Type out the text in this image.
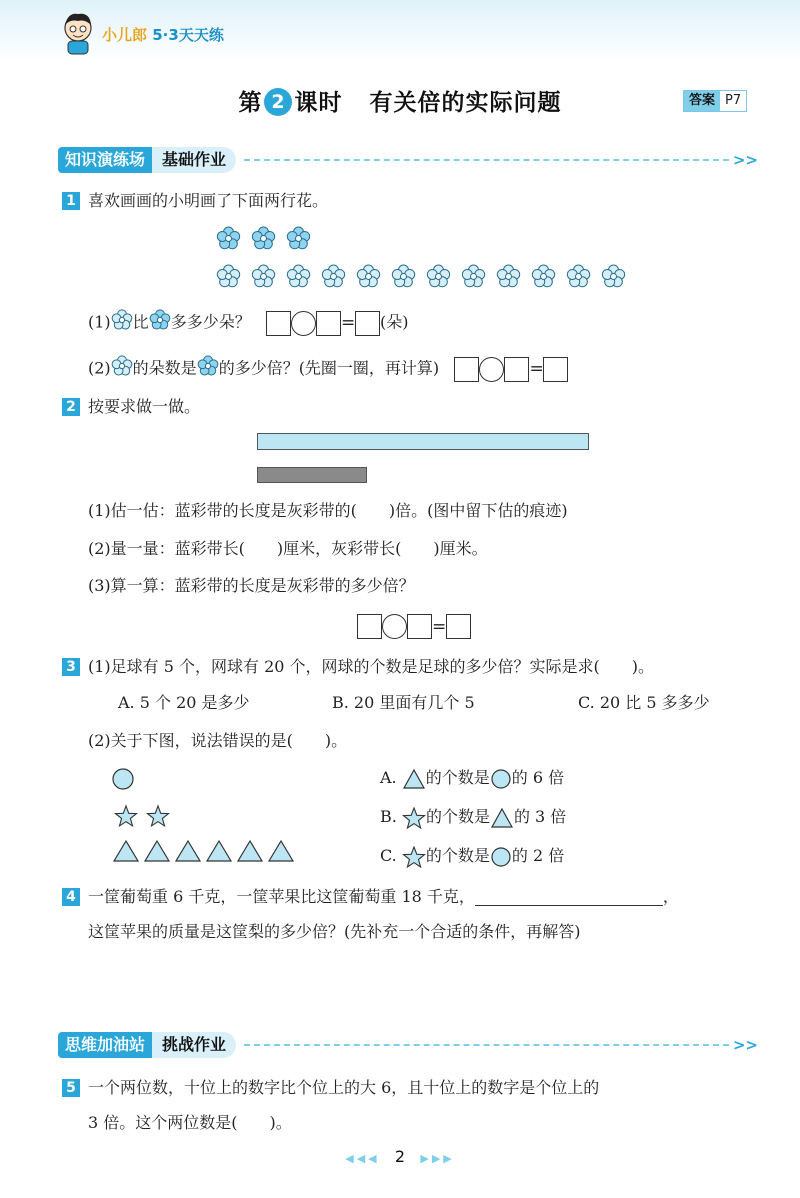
小儿郎 5·3天天练
第 2 课时 有关倍的实际问题	答案 P7
知识演练场	基础作业	>>
1 喜欢画画的小明画了下面两行花。
(1) 比 多多少朵？	= (朵)
(2) 的朵数是 的多少倍？(先圈一圈，再计算)	=
2 按要求做一做。
(1)估一估：蓝彩带的长度是灰彩带的(　　)倍。(图中留下估的痕迹)
(2)量一量：蓝彩带长(　　)厘米，灰彩带长(　　)厘米。
(3)算一算：蓝彩带的长度是灰彩带的多少倍？
=
3 (1)足球有 5 个，网球有 20 个，网球的个数是足球的多少倍？实际是求(　　)。
A. 5 个 20 是多少	B. 20 里面有几个 5	C. 20 比 5 多多少
(2)关于下图，说法错误的是(　　)。
A. 的个数是 的 6 倍
B. 的个数是 的 3 倍
C. 的个数是 的 2 倍
4 一筐葡萄重 6 千克，一筐苹果比这筐葡萄重 18 千克，	，
这筐苹果的质量是这筐梨的多少倍？(先补充一个合适的条件，再解答)
思维加油站	挑战作业	>>
5 一个两位数，十位上的数字比个位上的大 6，且十位上的数字是个位上的
3 倍。这个两位数是(　　)。
◀◀◀ 2 ▶▶▶
